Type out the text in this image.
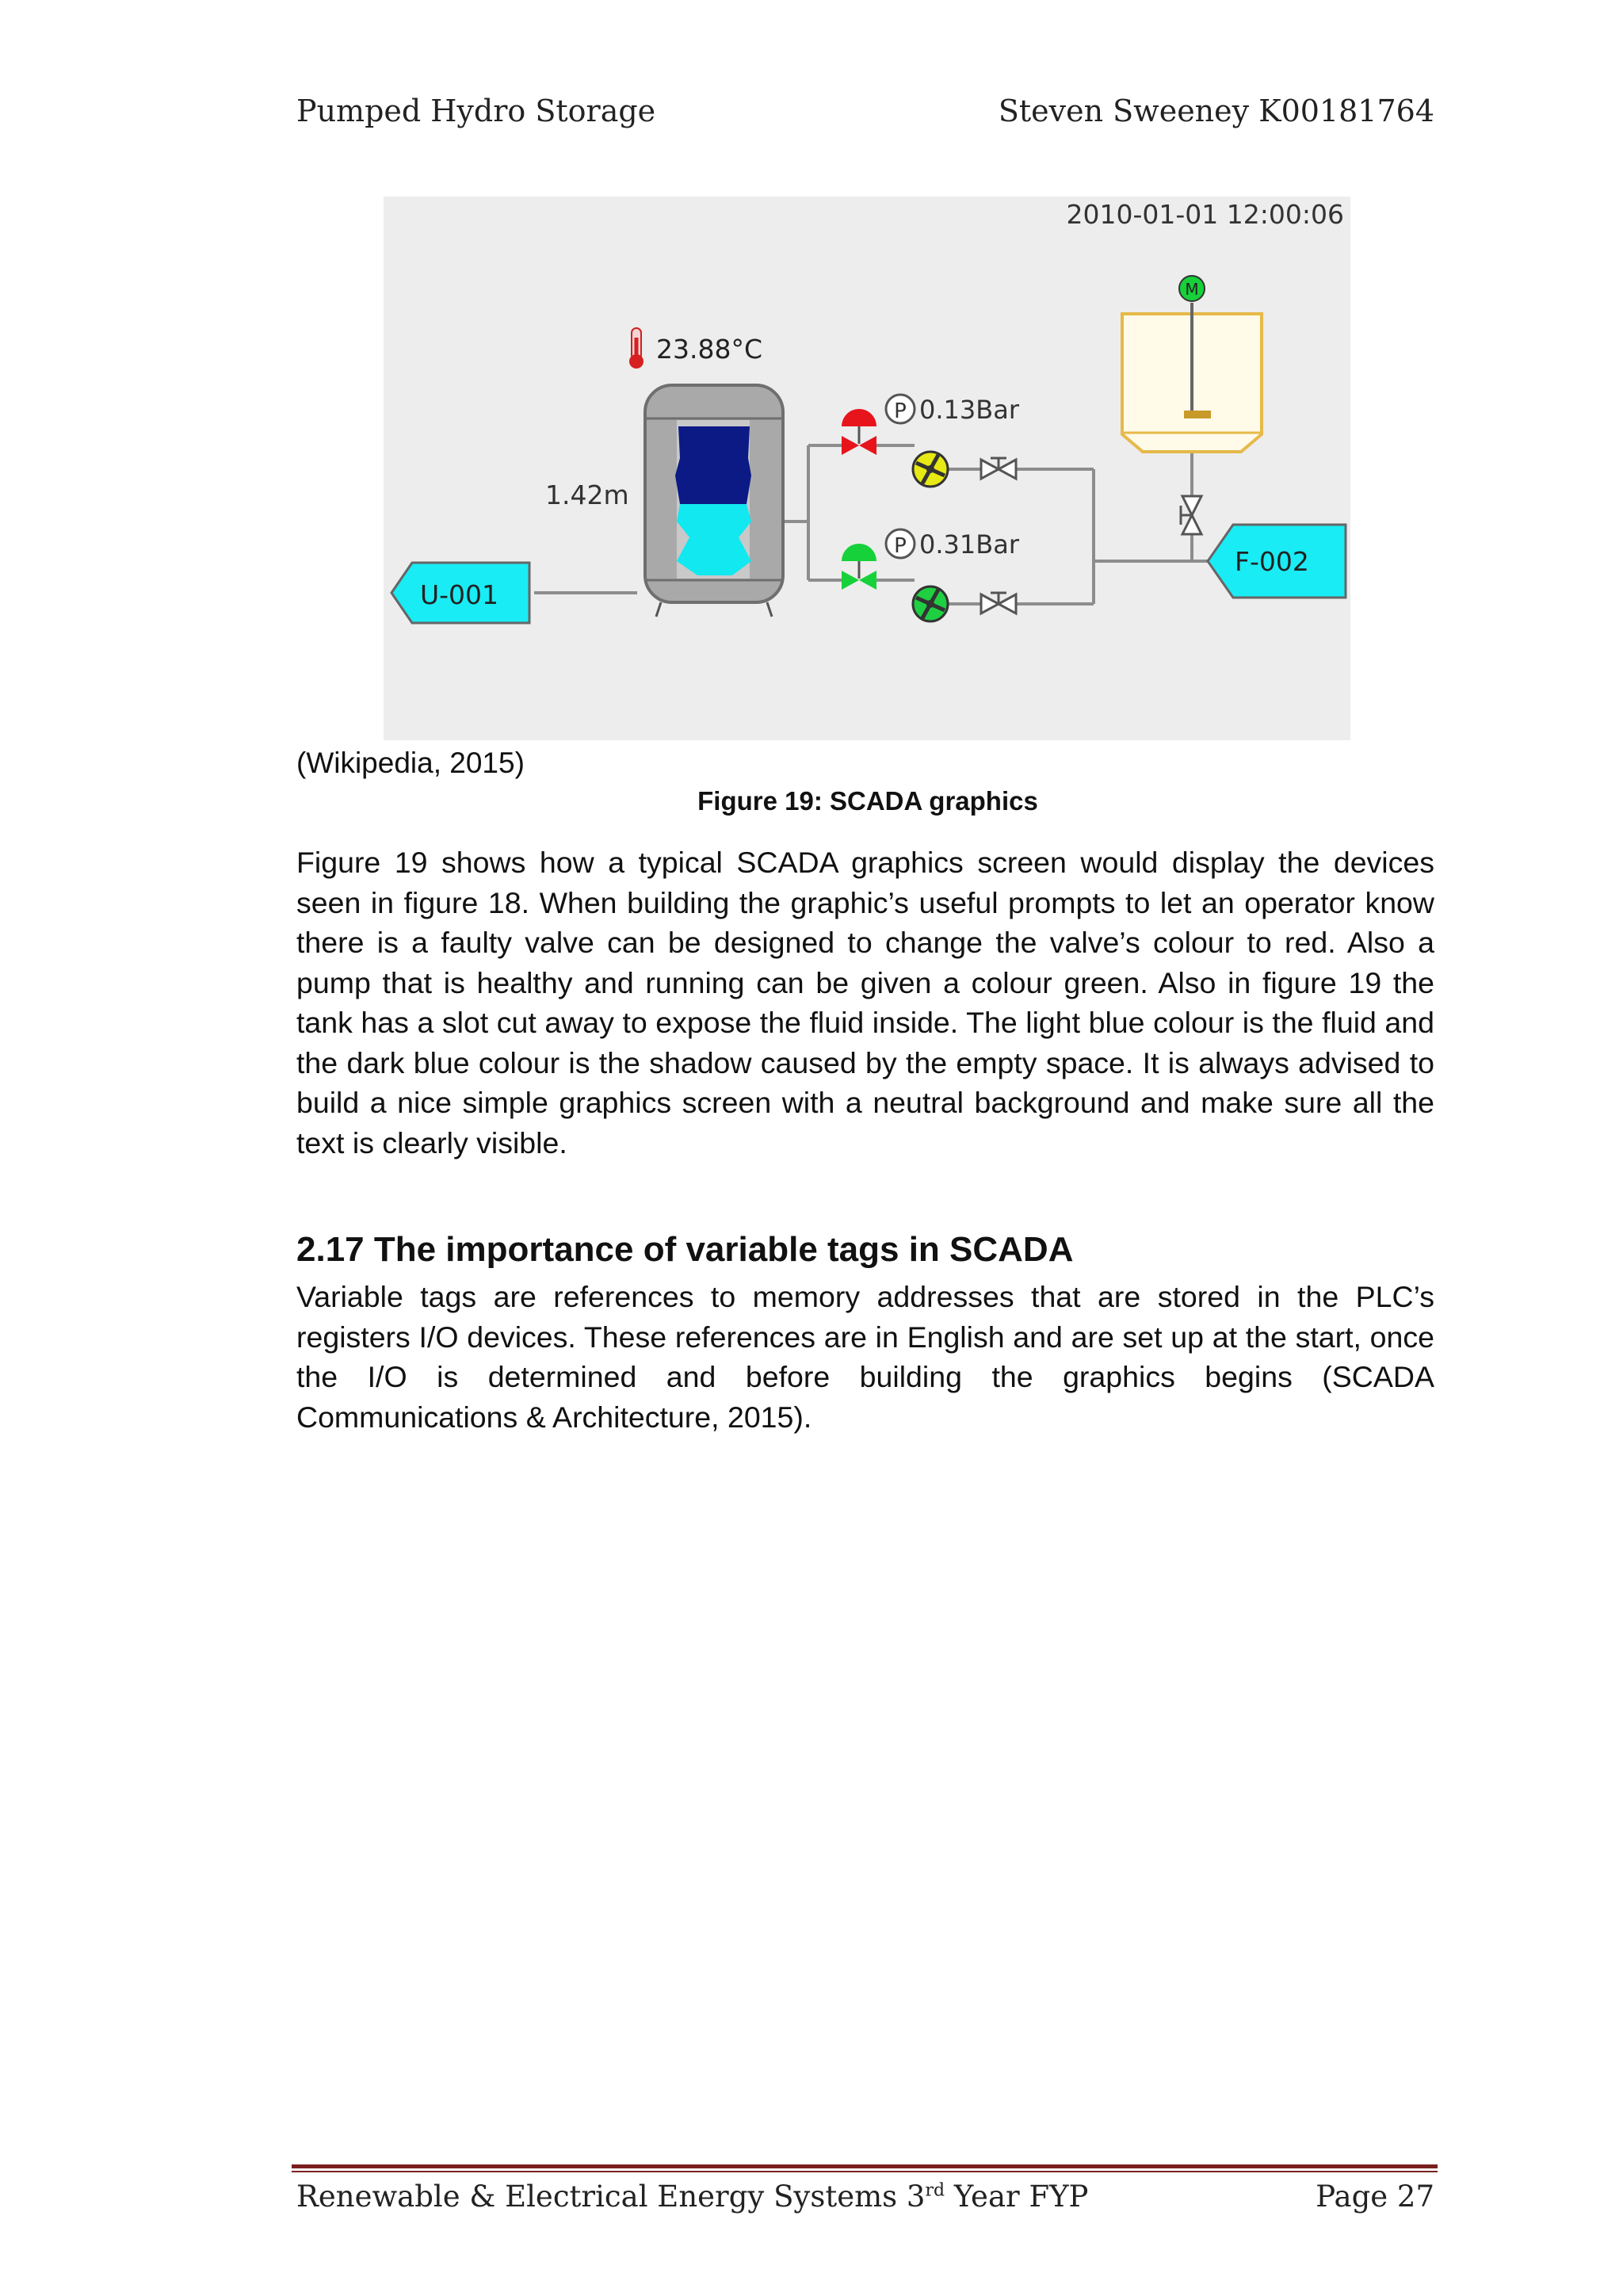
Pumped Hydro Storage	Steven Sweeney K00181764
2010-01-01 12:00:06
23.88°C
1.42m
U-001
P 0.13Bar
P 0.31Bar
M
F-002
(Wikipedia, 2015)
Figure 19: SCADA graphics

Figure 19 shows how a typical SCADA graphics screen would display the devices seen in figure 18. When building the graphic’s useful prompts to let an operator know there is a faulty valve can be designed to change the valve’s colour to red. Also a pump that is healthy and running can be given a colour green. Also in figure 19 the tank has a slot cut away to expose the fluid inside. The light blue colour is the fluid and the dark blue colour is the shadow caused by the empty space. It is always advised to build a nice simple graphics screen with a neutral background and make sure all the text is clearly visible.

2.17 The importance of variable tags in SCADA

Variable tags are references to memory addresses that are stored in the PLC’s registers I/O devices. These references are in English and are set up at the start, once the I/O is determined and before building the graphics begins (SCADA Communications & Architecture, 2015).

Renewable & Electrical Energy Systems 3rd Year FYP	Page 27
